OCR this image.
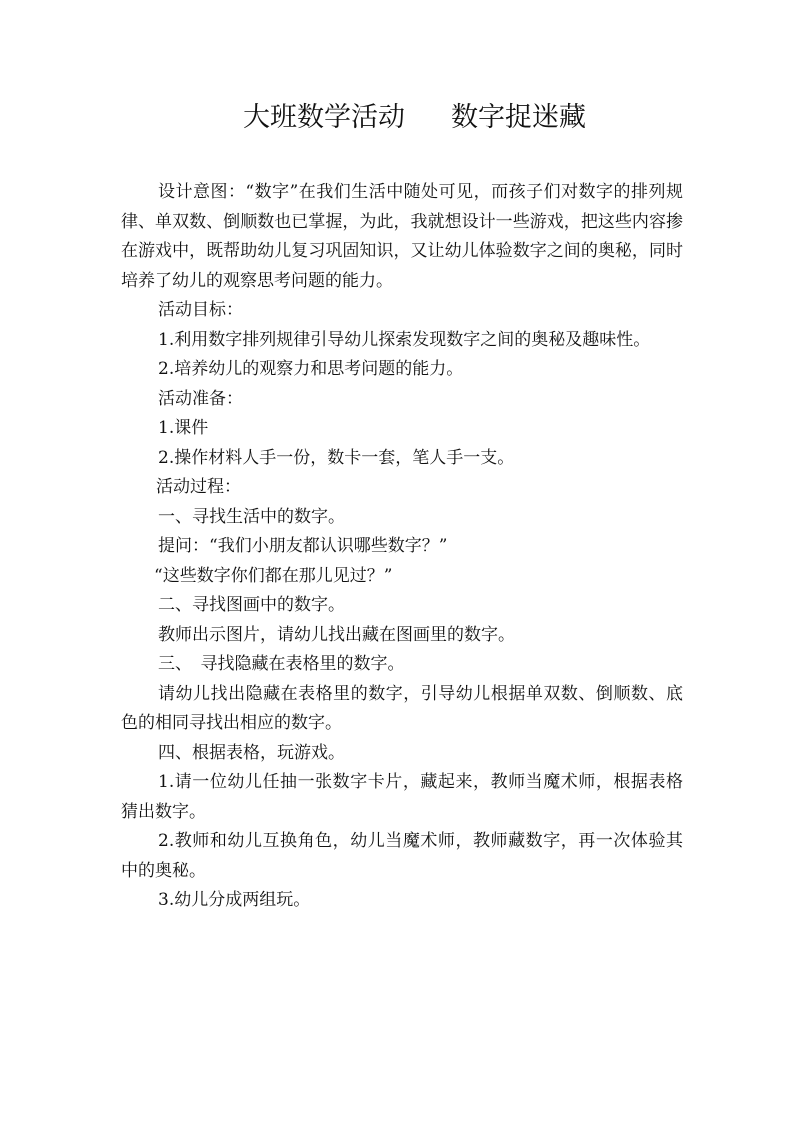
大班数学活动 数字捉迷藏

设计意图：“数字”在我们生活中随处可见，而孩子们对数字的排列规律、单双数、倒顺数也已掌握，为此，我就想设计一些游戏，把这些内容掺在游戏中，既帮助幼儿复习巩固知识，又让幼儿体验数字之间的奥秘，同时培养了幼儿的观察思考问题的能力。

活动目标：

1.利用数字排列规律引导幼儿探索发现数字之间的奥秘及趣味性。

2.培养幼儿的观察力和思考问题的能力。

活动准备：

1.课件

2.操作材料人手一份，数卡一套，笔人手一支。

活动过程：

一、寻找生活中的数字。

提问：“我们小朋友都认识哪些数字？”

“这些数字你们都在那儿见过？”

二、寻找图画中的数字。

教师出示图片，请幼儿找出藏在图画里的数字。

三、　寻找隐藏在表格里的数字。

请幼儿找出隐藏在表格里的数字，引导幼儿根据单双数、倒顺数、底色的相同寻找出相应的数字。

四、根据表格，玩游戏。

1.请一位幼儿任抽一张数字卡片，藏起来，教师当魔术师，根据表格猜出数字。

2.教师和幼儿互换角色，幼儿当魔术师，教师藏数字，再一次体验其中的奥秘。

3.幼儿分成两组玩。
